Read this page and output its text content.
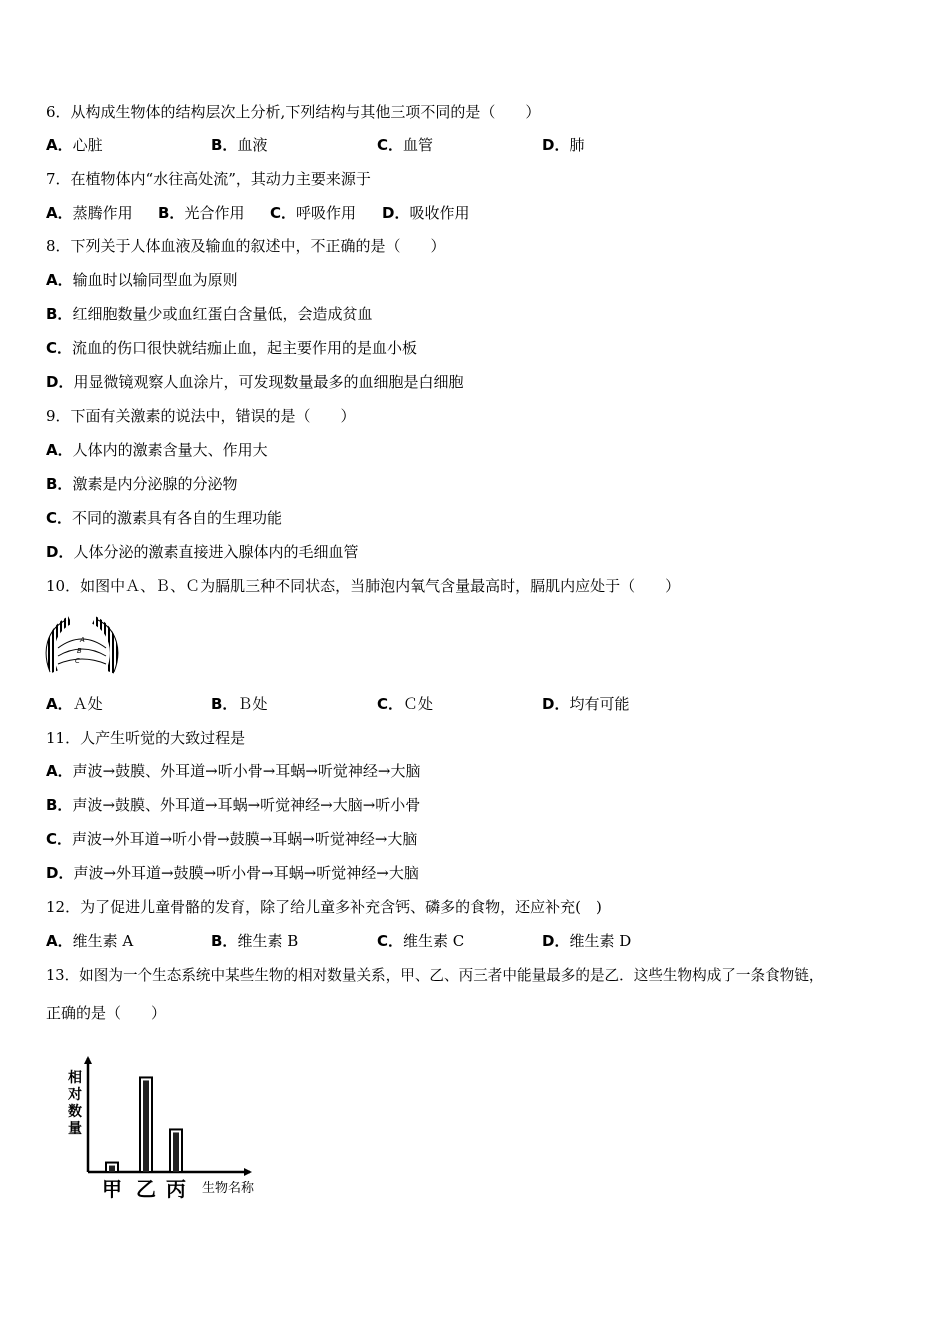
6．从构成生物体的结构层次上分析,下列结构与其他三项不同的是（　　）
A．心脏	B．血液	C．血管	D．肺
7．在植物体内“水往高处流”，其动力主要来源于
A．蒸腾作用 B．光合作用 C．呼吸作用 D．吸收作用
8．下列关于人体血液及输血的叙述中，不正确的是（　　）
A．输血时以输同型血为原则
B．红细胞数量少或血红蛋白含量低，会造成贫血
C．流血的伤口很快就结痂止血，起主要作用的是血小板
D．用显微镜观察人血涂片，可发现数量最多的血细胞是白细胞
9．下面有关激素的说法中，错误的是（　　）
A．人体内的激素含量大、作用大
B．激素是内分泌腺的分泌物
C．不同的激素具有各自的生理功能
D．人体分泌的激素直接进入腺体内的毛细血管
10．如图中Ａ、Ｂ、Ｃ为膈肌三种不同状态，当肺泡内氧气含量最高时，膈肌内应处于（　　）
A
B
C
A．Ａ处	B．Ｂ处	C．Ｃ处	D．均有可能
11．人产生听觉的大致过程是
A．声波→鼓膜、外耳道→听小骨→耳蜗→听觉神经→大脑
B．声波→鼓膜、外耳道→耳蜗→听觉神经→大脑→听小骨
C．声波→外耳道→听小骨→鼓膜→耳蜗→听觉神经→大脑
D．声波→外耳道→鼓膜→听小骨→耳蜗→听觉神经→大脑
12．为了促进儿童骨骼的发育，除了给儿童多补充含钙、磷多的食物，还应补充(　)
A．维生素 A	B．维生素 B	C．维生素 C	D．维生素 D
13．如图为一个生态系统中某些生物的相对数量关系，甲、乙、丙三者中能量最多的是乙．这些生物构成了一条食物链，
正确的是（　　）
相
对
数
量
甲 乙 丙 生物名称
